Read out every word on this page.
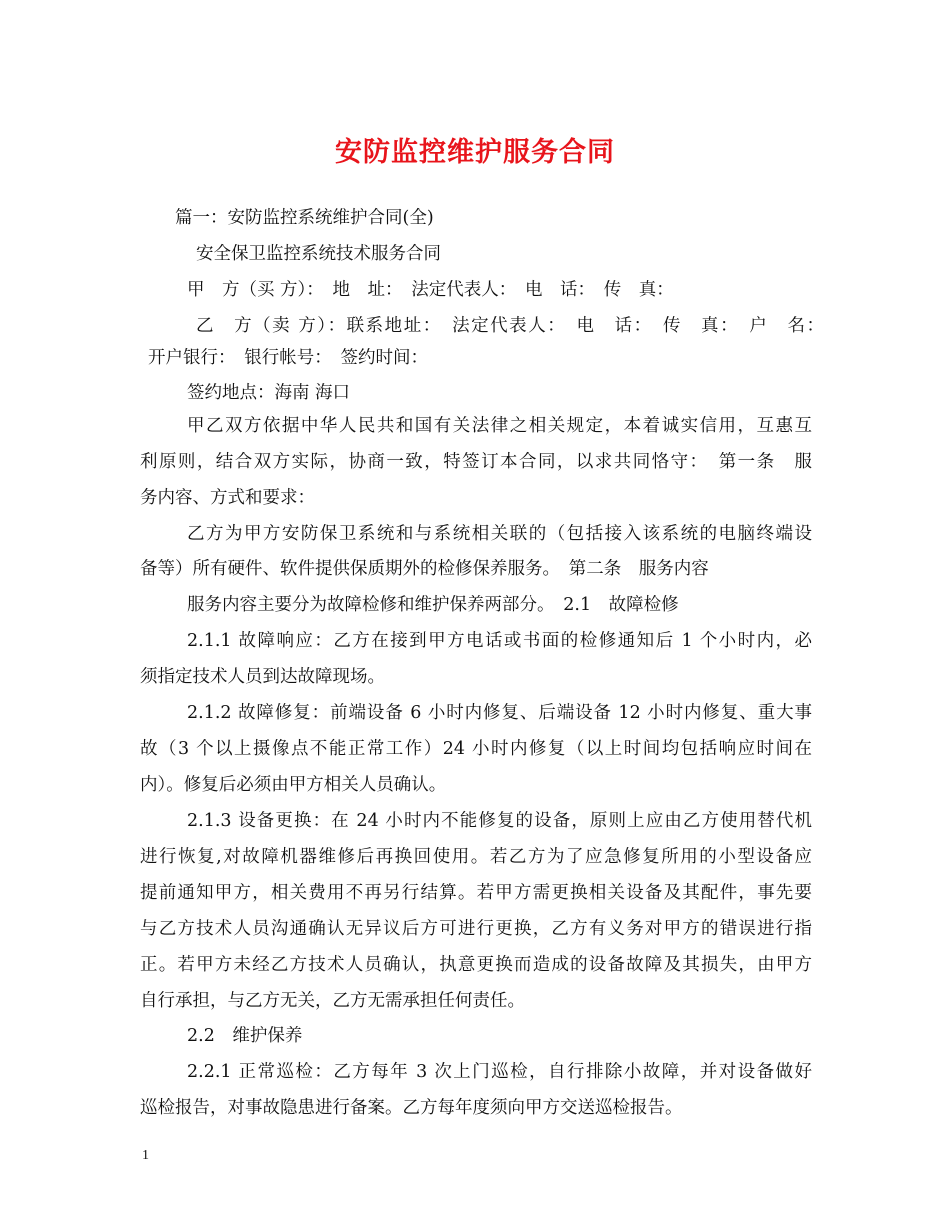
安防监控维护服务合同
篇一：安防监控系统维护合同(全)
安全保卫监控系统技术服务合同
甲　方（买 方）：　地　址：　法定代表人：　电　话：　传　真：
乙　方（卖 方）：联系地址：　法定代表人：　电　话：　传　真：　户　名：
开户银行：　银行帐号：　签约时间：
签约地点：海南 海口
甲乙双方依据中华人民共和国有关法律之相关规定，本着诚实信用，互惠互
利原则，结合双方实际，协商一致，特签订本合同，以求共同恪守：　第一条　服
务内容、方式和要求：
乙方为甲方安防保卫系统和与系统相关联的（包括接入该系统的电脑终端设
备等）所有硬件、软件提供保质期外的检修保养服务。　第二条　服务内容
服务内容主要分为故障检修和维护保养两部分。　2.1　故障检修
2.1.1 故障响应：乙方在接到甲方电话或书面的检修通知后 1 个小时内，必
须指定技术人员到达故障现场。
2.1.2 故障修复：前端设备 6 小时内修复、后端设备 12 小时内修复、重大事
故（3 个以上摄像点不能正常工作）24 小时内修复（以上时间均包括响应时间在
内）。修复后必须由甲方相关人员确认。
2.1.3 设备更换：在 24 小时内不能修复的设备，原则上应由乙方使用替代机
进行恢复,对故障机器维修后再换回使用。若乙方为了应急修复所用的小型设备应
提前通知甲方，相关费用不再另行结算。若甲方需更换相关设备及其配件，事先要
与乙方技术人员沟通确认无异议后方可进行更换，乙方有义务对甲方的错误进行指
正。若甲方未经乙方技术人员确认，执意更换而造成的设备故障及其损失，由甲方
自行承担，与乙方无关，乙方无需承担任何责任。
2.2　维护保养
2.2.1 正常巡检：乙方每年 3 次上门巡检，自行排除小故障，并对设备做好
巡检报告，对事故隐患进行备案。乙方每年度须向甲方交送巡检报告。
1
